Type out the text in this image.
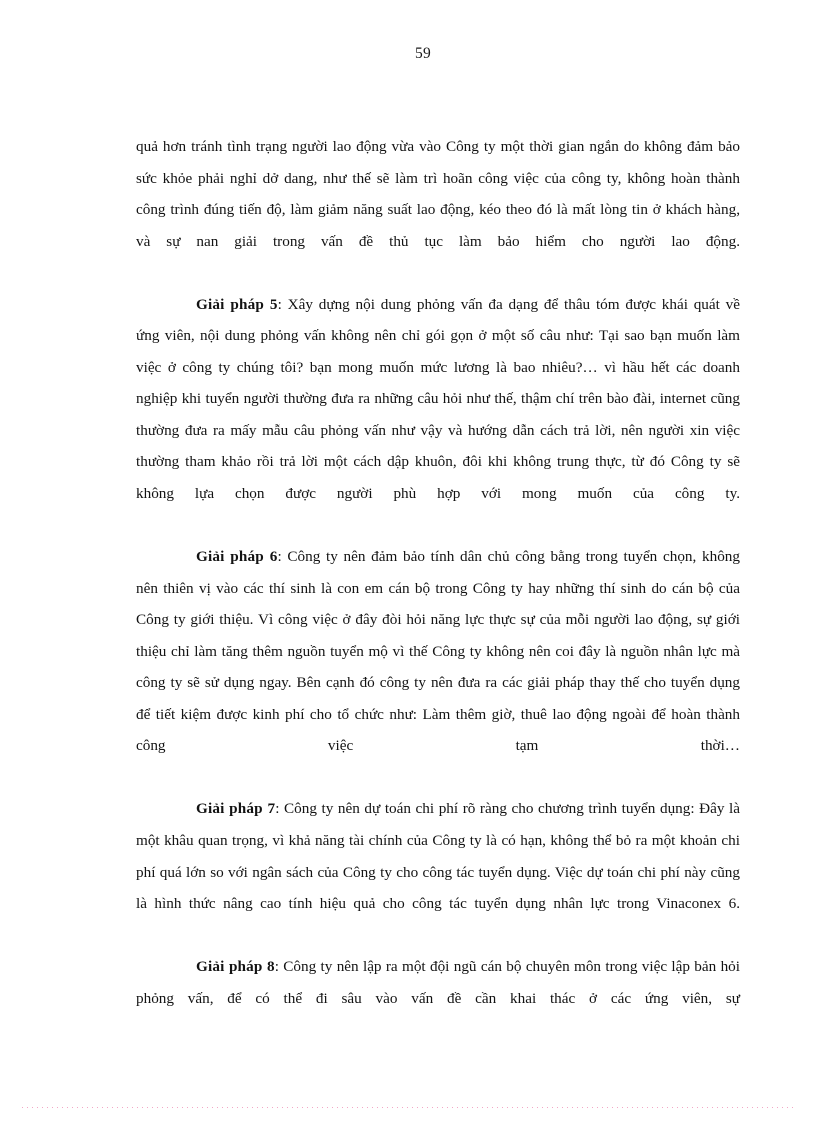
59

quả hơn tránh tình trạng người lao động vừa vào Công ty một thời gian ngắn do không đảm bảo sức khỏe phải nghỉ dở dang, như thế sẽ làm trì hoãn công việc của công ty, không hoàn thành công trình đúng tiến độ, làm giảm năng suất lao động, kéo theo đó là mất lòng tin ở khách hàng, và sự nan giải trong vấn đề thủ tục làm bảo hiểm cho người lao động.

Giải pháp 5: Xây dựng nội dung phỏng vấn đa dạng để thâu tóm được khái quát về ứng viên, nội dung phỏng vấn không nên chỉ gói gọn ở một số câu như: Tại sao bạn muốn làm việc ở công ty chúng tôi? bạn mong muốn mức lương là bao nhiêu?… vì hầu hết các doanh nghiệp khi tuyển người thường đưa ra những câu hỏi như thế, thậm chí trên bào đài, internet cũng thường đưa ra mấy mẫu câu phỏng vấn như vậy và hướng dẫn cách trả lời, nên người xin việc thường tham khảo rồi trả lời một cách dập khuôn, đôi khi không trung thực, từ đó Công ty sẽ không lựa chọn được người phù hợp với mong muốn của công ty.

Giải pháp 6: Công ty nên đảm bảo tính dân chủ công bằng trong tuyển chọn, không nên thiên vị vào các thí sinh là con em cán bộ trong Công ty hay những thí sinh do cán bộ của Công ty giới thiệu. Vì công việc ở đây đòi hỏi năng lực thực sự của mỗi người lao động, sự giới thiệu chỉ làm tăng thêm nguồn tuyển mộ vì thế Công ty không nên coi đây là nguồn nhân lực mà công ty sẽ sử dụng ngay. Bên cạnh đó công ty nên đưa ra các giải pháp thay thế cho tuyển dụng để tiết kiệm được kinh phí cho tổ chức như: Làm thêm giờ, thuê lao động ngoài để hoàn thành công việc tạm thời…

Giải pháp 7: Công ty nên dự toán chi phí rõ ràng cho chương trình tuyển dụng: Đây là một khâu quan trọng, vì khả năng tài chính của Công ty là có hạn, không thể bỏ ra một khoản chi phí quá lớn so với ngân sách của Công ty cho công tác tuyển dụng. Việc dự toán chi phí này cũng là hình thức nâng cao tính hiệu quả cho công tác tuyển dụng nhân lực trong Vinaconex 6.

Giải pháp 8: Công ty nên lập ra một đội ngũ cán bộ chuyên môn trong việc lập bản hỏi phỏng vấn, để có thể đi sâu vào vấn đề cần khai thác ở các ứng viên, sự
